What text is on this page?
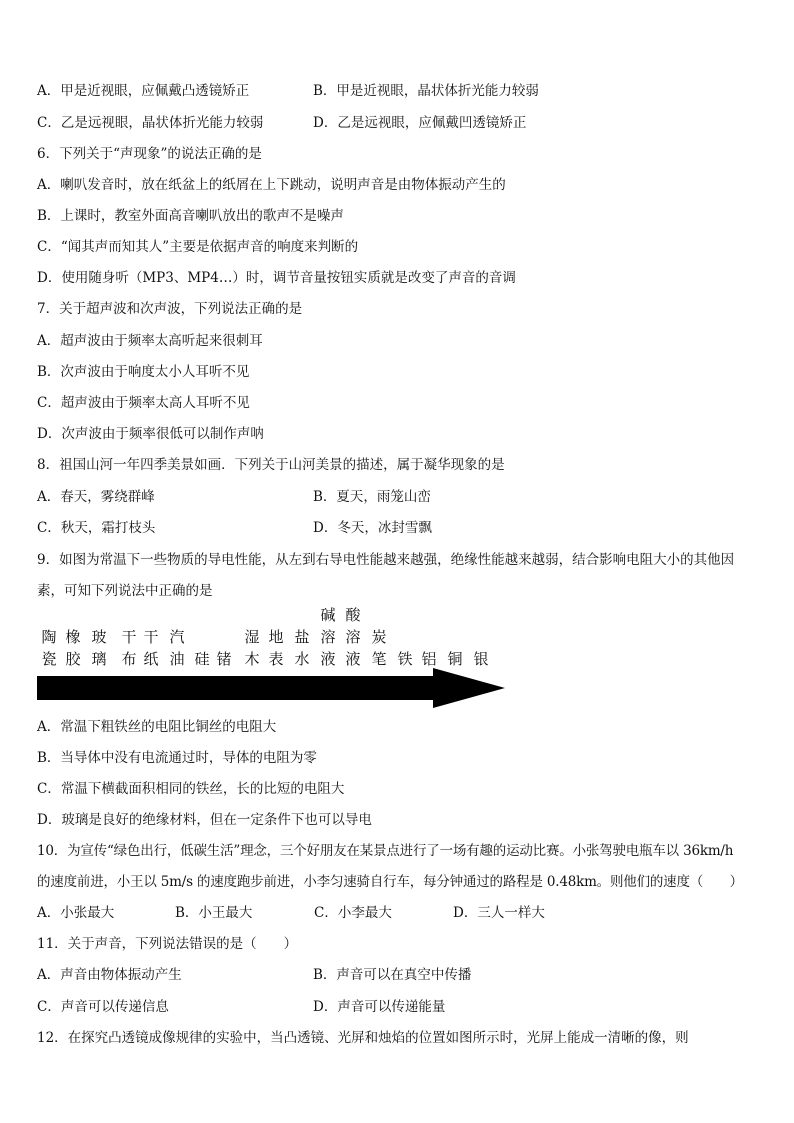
A．甲是近视眼，应佩戴凸透镜矫正	B．甲是近视眼，晶状体折光能力较弱
C．乙是远视眼，晶状体折光能力较弱	D．乙是远视眼，应佩戴凹透镜矫正
6．下列关于“声现象”的说法正确的是
A．喇叭发音时，放在纸盆上的纸屑在上下跳动，说明声音是由物体振动产生的
B．上课时，教室外面高音喇叭放出的歌声不是噪声
C．“闻其声而知其人”主要是依据声音的响度来判断的
D．使用随身听（MP3、MP4…）时，调节音量按钮实质就是改变了声音的音调
7．关于超声波和次声波，下列说法正确的是
A．超声波由于频率太高听起来很刺耳
B．次声波由于响度太小人耳听不见
C．超声波由于频率太高人耳听不见
D．次声波由于频率很低可以制作声呐
8．祖国山河一年四季美景如画．下列关于山河美景的描述，属于凝华现象的是
A．春天，雾绕群峰	B．夏天，雨笼山峦
C．秋天，霜打枝头	D．冬天，冰封雪飘
9．如图为常温下一些物质的导电性能，从左到右导电性能越来越强，绝缘性能越来越弱，结合影响电阻大小的其他因
素，可知下列说法中正确的是
陶
瓷
橡
胶
玻
璃
干
布
干
纸
汽
油 硅 锗
湿
木
地
表
盐
水
碱
溶
液
酸
溶
液
炭
笔 铁 铝 铜 银
A．常温下粗铁丝的电阻比铜丝的电阻大
B．当导体中没有电流通过时，导体的电阻为零
C．常温下横截面积相同的铁丝，长的比短的电阻大
D．玻璃是良好的绝缘材料，但在一定条件下也可以导电
10．为宣传“绿色出行，低碳生活”理念，三个好朋友在某景点进行了一场有趣的运动比赛。小张驾驶电瓶车以 36km/h
的速度前进，小王以 5m/s 的速度跑步前进，小李匀速骑自行车，每分钟通过的路程是 0.48km。则他们的速度（　　）
A．小张最大	B．小王最大	C．小李最大	D．三人一样大
11．关于声音，下列说法错误的是（　　）
A．声音由物体振动产生	B．声音可以在真空中传播
C．声音可以传递信息	D．声音可以传递能量
12．在探究凸透镜成像规律的实验中，当凸透镜、光屏和烛焰的位置如图所示时，光屏上能成一清晰的像，则
